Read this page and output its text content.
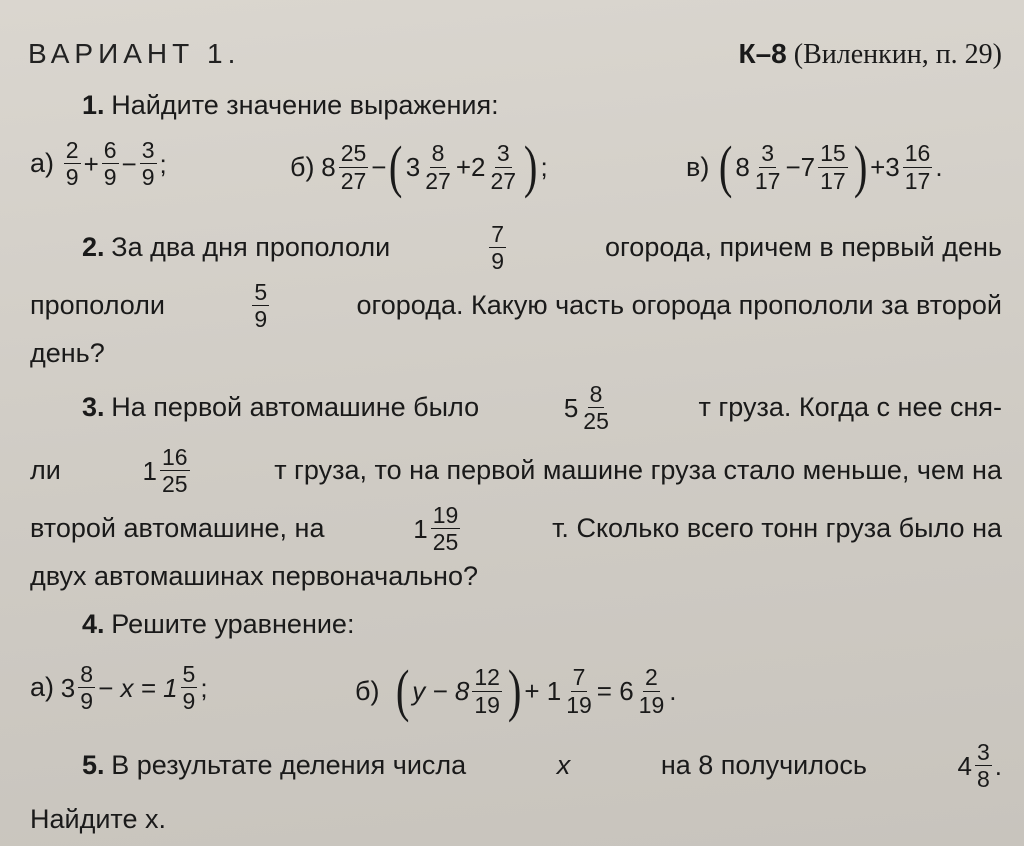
ВАРИАНТ 1.	К–8 (Виленкин, п. 29)
1. Найдите значение выражения:
а)
$\frac{2}{9} + \frac{6}{9} - \frac{3}{9}$ ;	б)
$8 \frac{25}{27}$ − ( $3 \frac{8}{27} + 2 \frac{3}{27}$ ) ;	в)
( $8 \frac{3}{17} - 7 \frac{15}{17}$ ) + $3 \frac{16}{17}$ .
2. За два дня пропололи	$\frac{7}{9}$	огорода, причем в первый день
пропололи	$\frac{5}{9}$	огорода. Какую часть огорода пропололи за второй
день?
3. На первой автомашине было	$5 \frac{8}{25}$	т груза. Когда с нее сня-
ли	$1 \frac{16}{25}$	т груза, то на первой машине груза стало меньше, чем на
второй автомашине, на	$1 \frac{19}{25}$	т. Сколько всего тонн груза было на
двух автомашинах первоначально?
4. Решите уравнение:
а)
$3 \frac{8}{9} - x = 1 \frac{5}{9}$ ;	б)
( $y - 8 \frac{12}{19}$ ) + $1 \frac{7}{19} = 6 \frac{2}{19}$ .
5. В результате деления числа	x	на 8 получилось	$4 \frac{3}{8}$ .
Найдите x.
